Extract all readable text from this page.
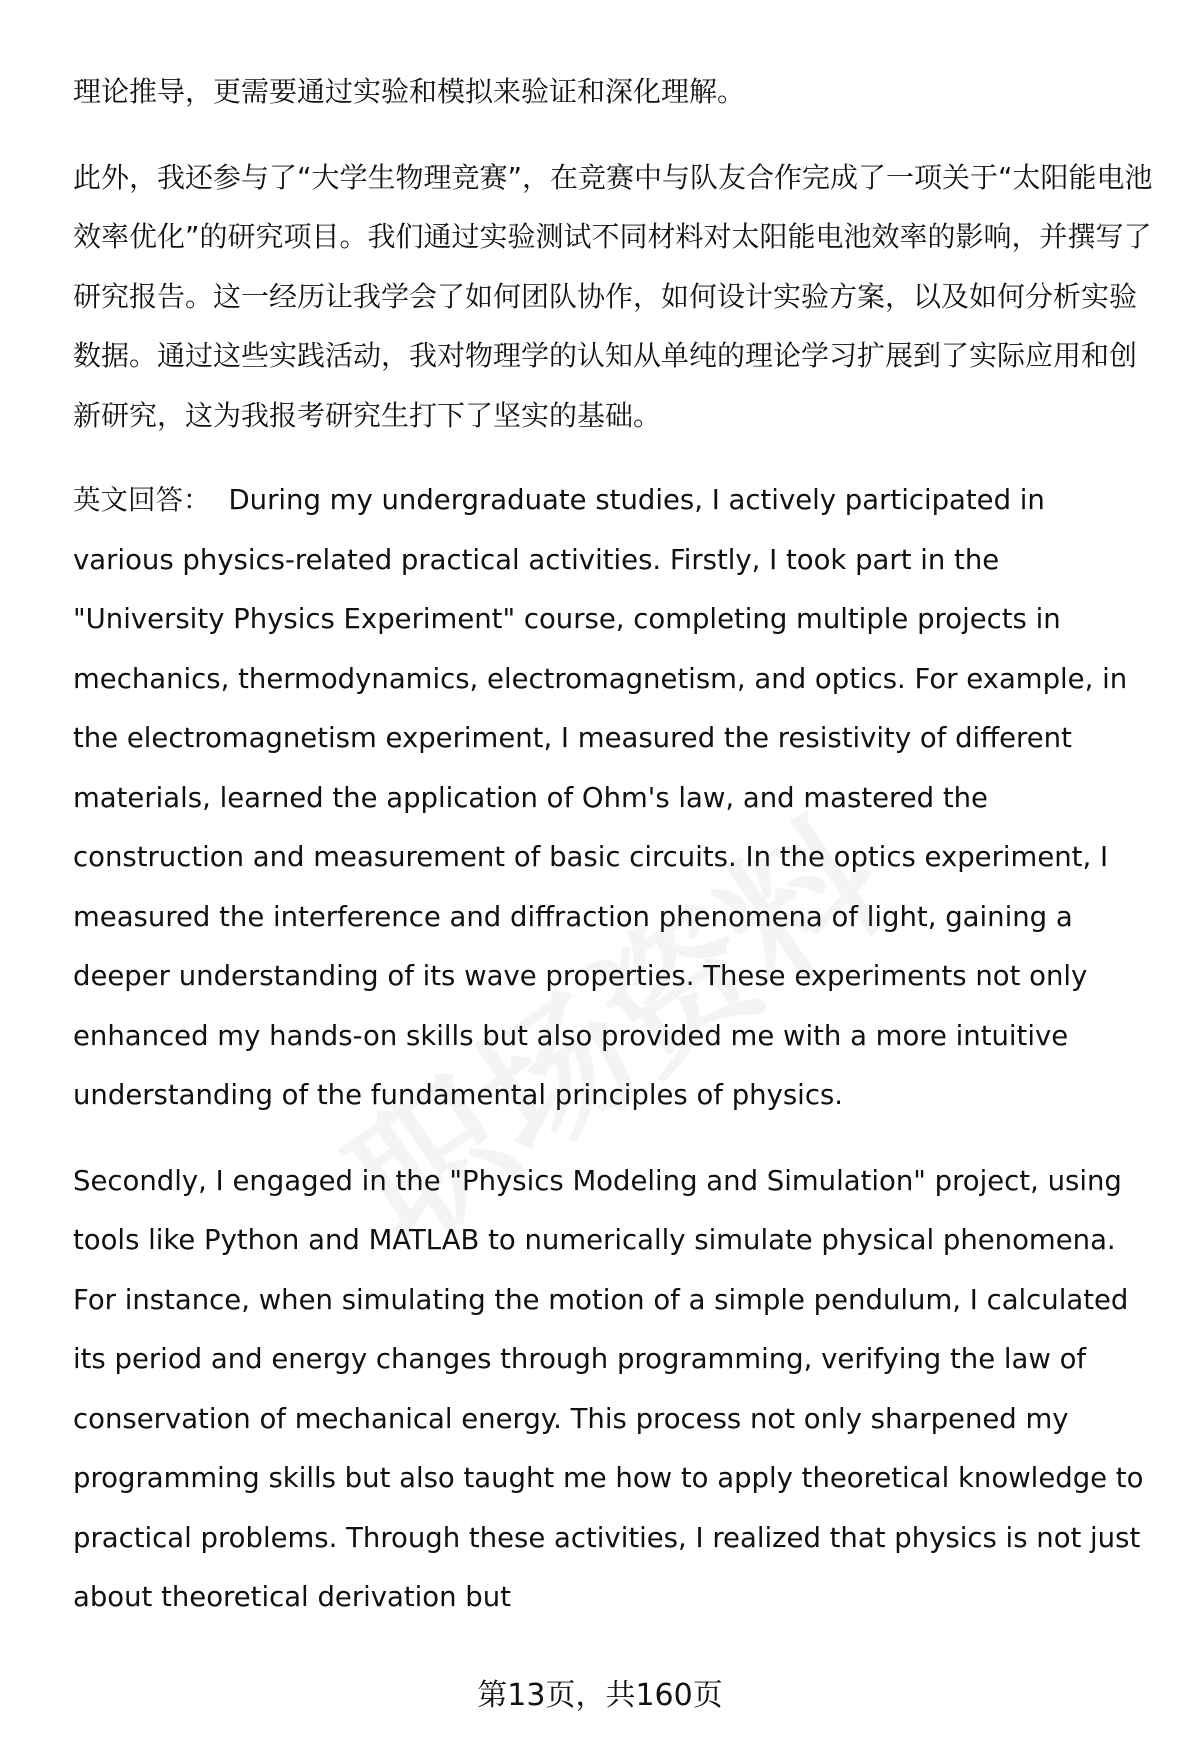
理论推导，更需要通过实验和模拟来验证和深化理解。

此外，我还参与了“大学生物理竞赛”，在竞赛中与队友合作完成了一项关于“太阳能电池效率优化”的研究项目。我们通过实验测试不同材料对太阳能电池效率的影响，并撰写了研究报告。这一经历让我学会了如何团队协作，如何设计实验方案，以及如何分析实验数据。通过这些实践活动，我对物理学的认知从单纯的理论学习扩展到了实际应用和创新研究，这为我报考研究生打下了坚实的基础。

英文回答： During my undergraduate studies, I actively participated in various physics-related practical activities. Firstly, I took part in the "University Physics Experiment" course, completing multiple projects in mechanics, thermodynamics, electromagnetism, and optics. For example, in the electromagnetism experiment, I measured the resistivity of different materials, learned the application of Ohm's law, and mastered the construction and measurement of basic circuits. In the optics experiment, I measured the interference and diffraction phenomena of light, gaining a deeper understanding of its wave properties. These experiments not only enhanced my hands-on skills but also provided me with a more intuitive understanding of the fundamental principles of physics.

Secondly, I engaged in the "Physics Modeling and Simulation" project, using tools like Python and MATLAB to numerically simulate physical phenomena. For instance, when simulating the motion of a simple pendulum, I calculated its period and energy changes through programming, verifying the law of conservation of mechanical energy. This process not only sharpened my programming skills but also taught me how to apply theoretical knowledge to practical problems. Through these activities, I realized that physics is not just about theoretical derivation but

第13页，共160页
